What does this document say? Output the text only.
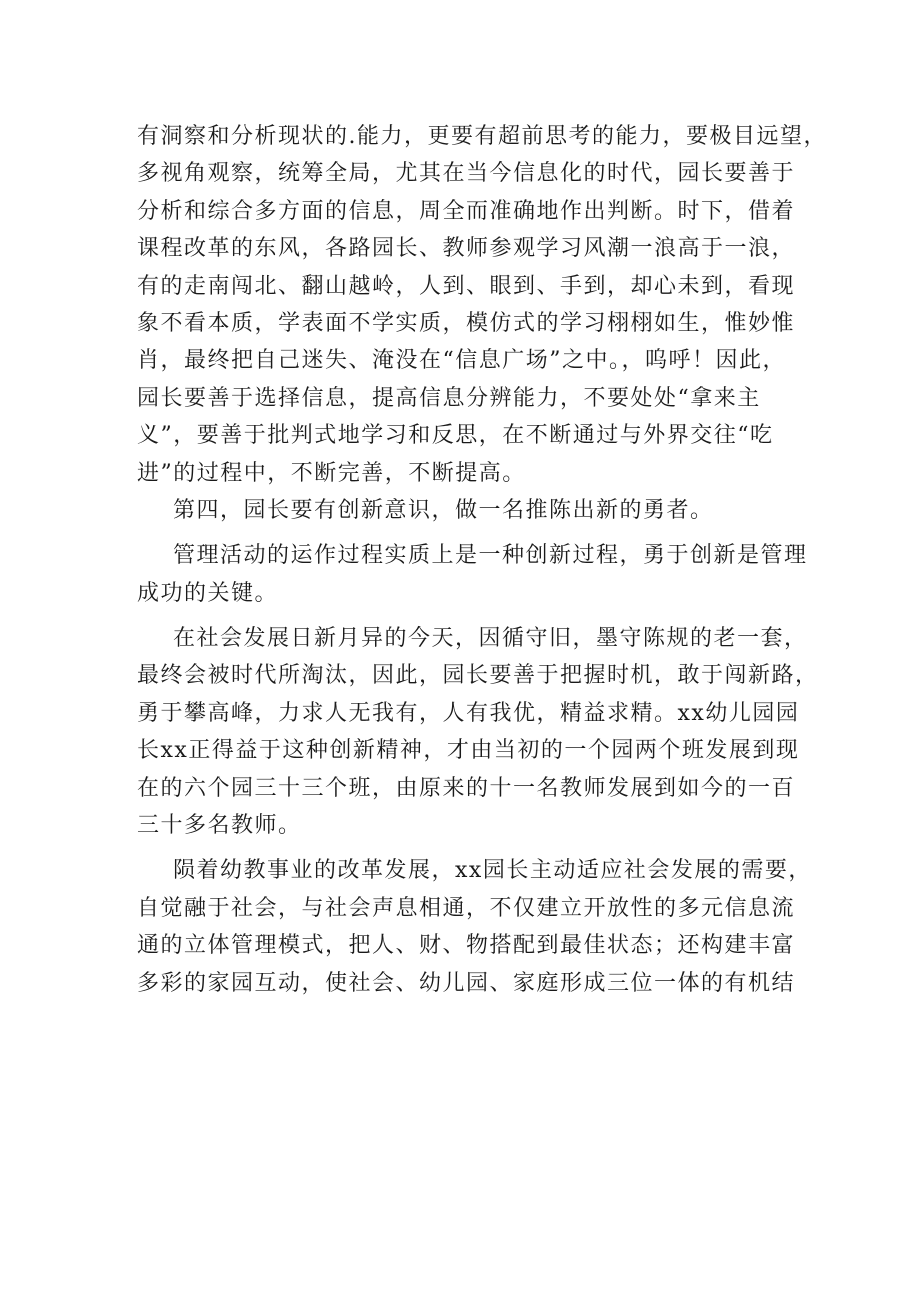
有洞察和分析现状的.能力，更要有超前思考的能力，要极目远望，

多视角观察，统筹全局，尤其在当今信息化的时代，园长要善于

分析和综合多方面的信息，周全而准确地作出判断。时下，借着

课程改革的东风，各路园长、教师参观学习风潮一浪高于一浪，

有的走南闯北、翻山越岭，人到、眼到、手到，却心未到，看现

象不看本质，学表面不学实质，模仿式的学习栩栩如生，惟妙惟

肖，最终把自己迷失、淹没在“信息广场”之中。，呜呼！因此，

园长要善于选择信息，提高信息分辨能力，不要处处“拿来主

义”，要善于批判式地学习和反思，在不断通过与外界交往“吃

进”的过程中，不断完善，不断提高。

第四，园长要有创新意识，做一名推陈出新的勇者。

管理活动的运作过程实质上是一种创新过程，勇于创新是管理

成功的关键。

在社会发展日新月异的今天，因循守旧，墨守陈规的老一套，

最终会被时代所淘汰，因此，园长要善于把握时机，敢于闯新路，

勇于攀高峰，力求人无我有，人有我优，精益求精。xx幼儿园园

长xx正得益于这种创新精神，才由当初的一个园两个班发展到现

在的六个园三十三个班，由原来的十一名教师发展到如今的一百

三十多名教师。

陨着幼教事业的改革发展，xx园长主动适应社会发展的需要，

自觉融于社会，与社会声息相通，不仅建立开放性的多元信息流

通的立体管理模式，把人、财、物搭配到最佳状态；还构建丰富

多彩的家园互动，使社会、幼儿园、家庭形成三位一体的有机结
